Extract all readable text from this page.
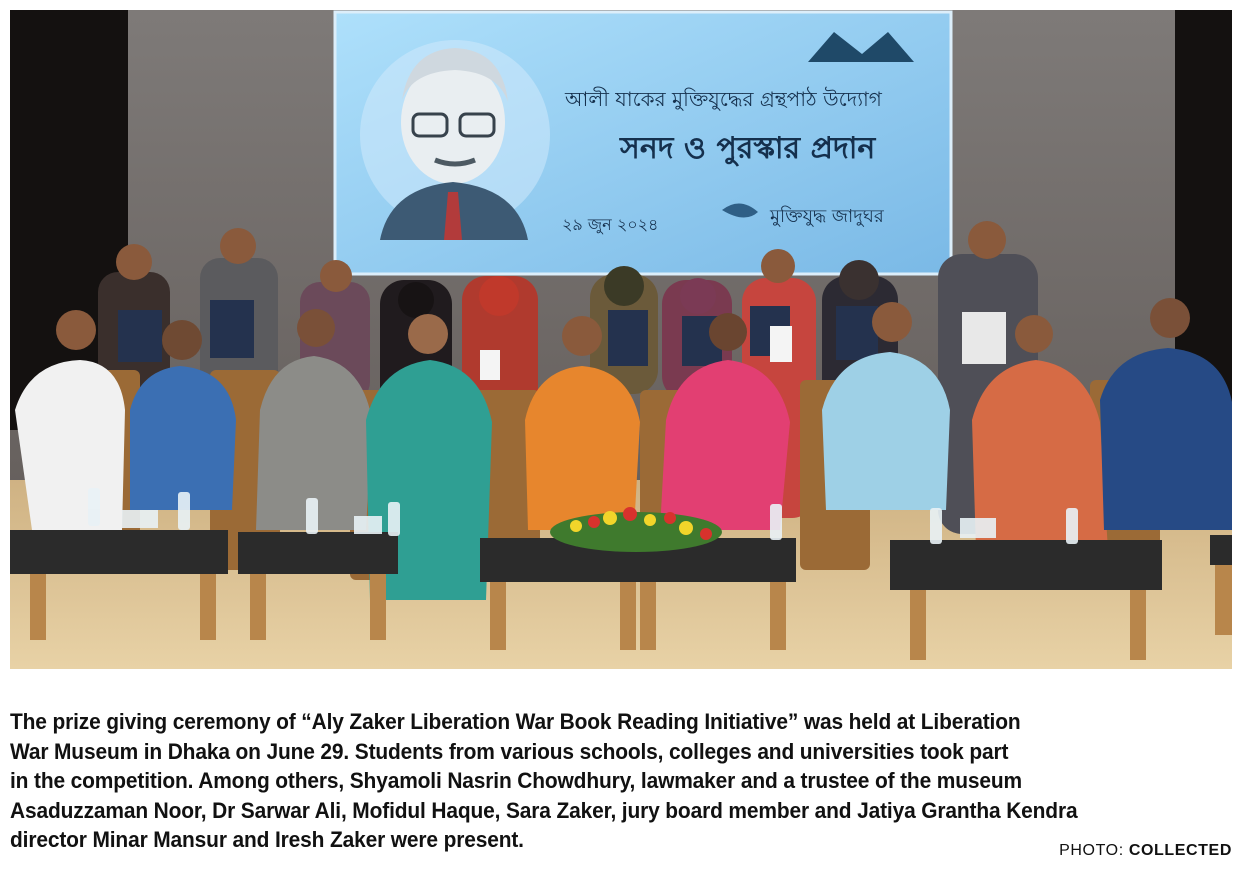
আলী যাকের মুক্তিযুদ্ধের গ্রন্থপাঠ উদ্যোগ
সনদ ও পুরস্কার প্রদান
২৯ জুন ২০২৪	মুক্তিযুদ্ধ জাদুঘর
The prize giving ceremony of “Aly Zaker Liberation War Book Reading Initiative” was held at Liberation
War Museum in Dhaka on June 29. Students from various schools, colleges and universities took part
in the competition. Among others, Shyamoli Nasrin Chowdhury, lawmaker and a trustee of the museum
Asaduzzaman Noor, Dr Sarwar Ali, Mofidul Haque, Sara Zaker, jury board member and Jatiya Grantha Kendra
director Minar Mansur and Iresh Zaker were present.	PHOTO: COLLECTED
